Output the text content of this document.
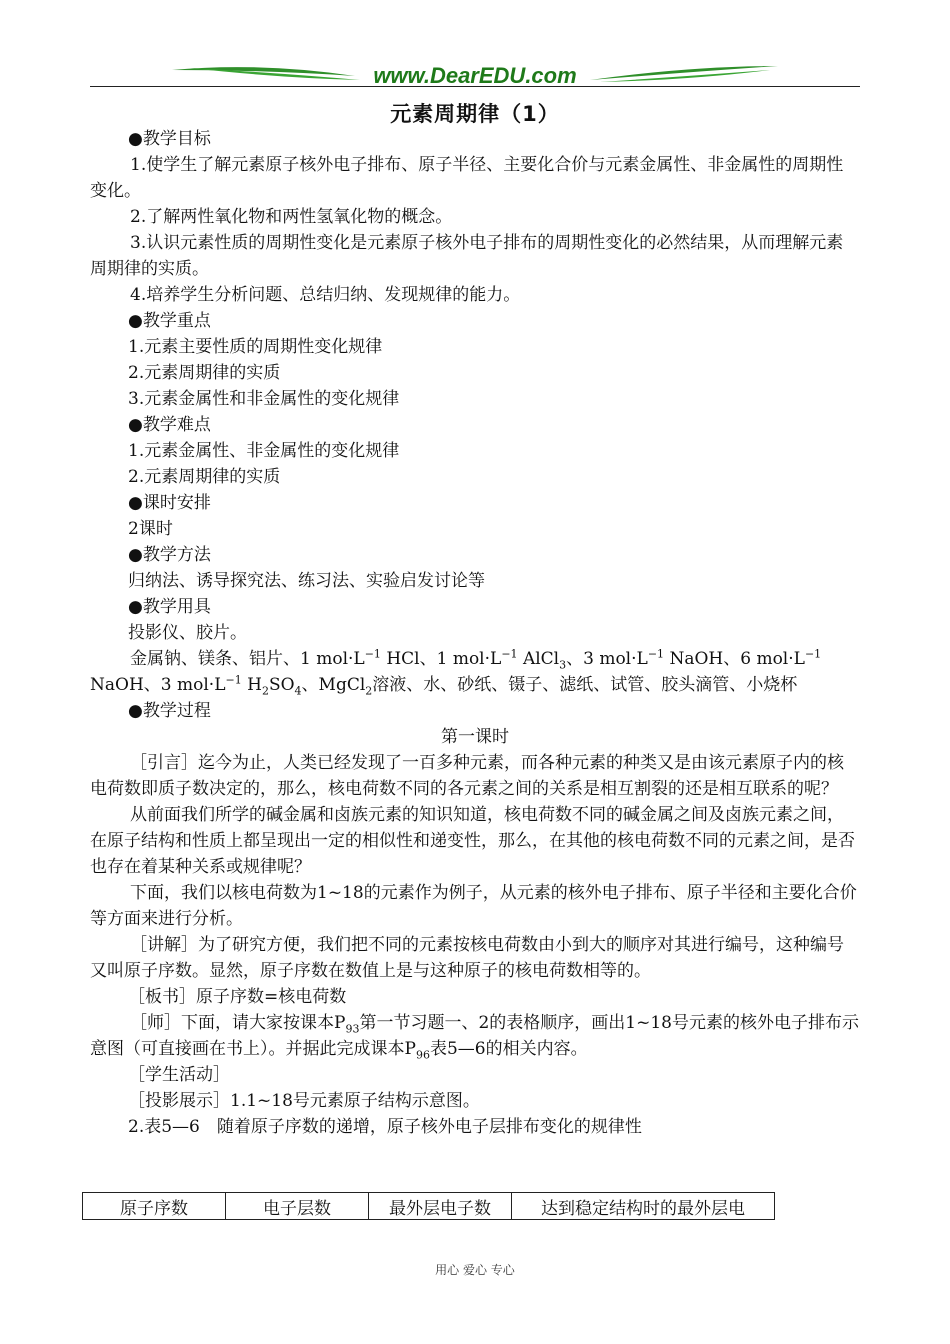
www.DearEDU.com
元素周期律（1）

●教学目标

1.使学生了解元素原子核外电子排布、原子半径、主要化合价与元素金属性、非金属性的周期性变化。

2.了解两性氧化物和两性氢氧化物的概念。

3.认识元素性质的周期性变化是元素原子核外电子排布的周期性变化的必然结果，从而理解元素周期律的实质。

4.培养学生分析问题、总结归纳、发现规律的能力。

●教学重点

1.元素主要性质的周期性变化规律

2.元素周期律的实质

3.元素金属性和非金属性的变化规律

●教学难点

1.元素金属性、非金属性的变化规律

2.元素周期律的实质

●课时安排

2课时

●教学方法

归纳法、诱导探究法、练习法、实验启发讨论等

●教学用具

投影仪、胶片。

金属钠、镁条、铝片、1 $mol\cdot L^{-1}$ HCl、1 $mol\cdot L^{-1}$ AlCl$_3$、3 $mol\cdot L^{-1}$ NaOH、6 $mol\cdot L^{-1}$ NaOH、3 $mol\cdot L^{-1}$ $H_2SO_4$、MgCl$_2$溶液、水、砂纸、镊子、滤纸、试管、胶头滴管、小烧杯

●教学过程

第一课时

［引言］迄今为止，人类已经发现了一百多种元素，而各种元素的种类又是由该元素原子内的核电荷数即质子数决定的，那么，核电荷数不同的各元素之间的关系是相互割裂的还是相互联系的呢？

从前面我们所学的碱金属和卤族元素的知识知道，核电荷数不同的碱金属之间及卤族元素之间，在原子结构和性质上都呈现出一定的相似性和递变性，那么，在其他的核电荷数不同的元素之间，是否也存在着某种关系或规律呢？

下面，我们以核电荷数为1~18的元素作为例子，从元素的核外电子排布、原子半径和主要化合价等方面来进行分析。

［讲解］为了研究方便，我们把不同的元素按核电荷数由小到大的顺序对其进行编号，这种编号又叫原子序数。显然，原子序数在数值上是与这种原子的核电荷数相等的。

［板书］原子序数=核电荷数

［师］下面，请大家按课本$P_{93}$第一节习题一、2的表格顺序，画出1~18号元素的核外电子排布示意图（可直接画在书上）。并据此完成课本$P_{96}$表5—6的相关内容。

［学生活动］

［投影展示］1.1~18号元素原子结构示意图。

2.表5—6　随着原子序数的递增，原子核外电子层排布变化的规律性

原子序数	电子层数	最外层电子数	达到稳定结构时的最外层电
用心 爱心 专心
